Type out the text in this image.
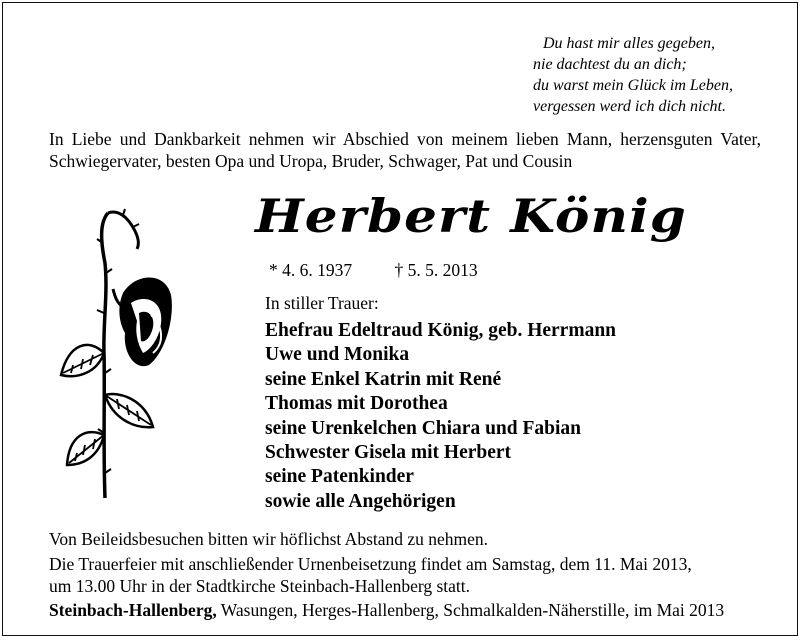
Du hast mir alles gegeben,
nie dachtest du an dich;
du warst mein Glück im Leben,
vergessen werd ich dich nicht.
In Liebe und Dankbarkeit nehmen wir Abschied von meinem lieben Mann, herzensguten Vater, Schwiegervater, besten Opa und Uropa, Bruder, Schwager, Pat und Cousin
Herbert König
* 4. 6. 1937 † 5. 5. 2013
In stiller Trauer:
Ehefrau Edeltraud König, geb. Herrmann
Uwe und Monika
seine Enkel Katrin mit René
Thomas mit Dorothea
seine Urenkelchen Chiara und Fabian
Schwester Gisela mit Herbert
seine Patenkinder
sowie alle Angehörigen
Von Beileidsbesuchen bitten wir höflichst Abstand zu nehmen.
Die Trauerfeier mit anschließender Urnenbeisetzung findet am Samstag, dem 11. Mai 2013,
um 13.00 Uhr in der Stadtkirche Steinbach-Hallenberg statt.
Steinbach-Hallenberg, Wasungen, Herges-Hallenberg, Schmalkalden-Näherstille, im Mai 2013
